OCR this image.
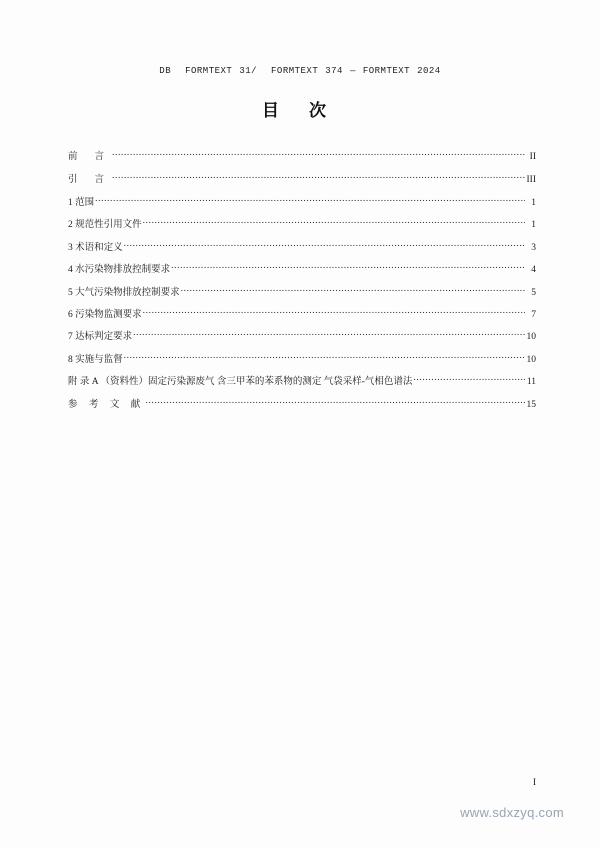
DB FORMTEXT 31/ FORMTEXT 374 — FORMTEXT 2024
目 次
前 言 .....	II
引 言 .....	III
1 范围 .....	1
2 规范性引用文件 .....	1
3 术语和定义 .....	3
4 水污染物排放控制要求 .....	4
5 大气污染物排放控制要求 .....	5
6 污染物监测要求 .....	7
7 达标判定要求 .....	10
8 实施与监督 .....	10
附 录 A （资料性）固定污染源废气 含三甲苯的苯系物的测定 气袋采样-气相色谱法 .....	11
参 考 文 献 .....	15
I
www.sdxzyq.com
